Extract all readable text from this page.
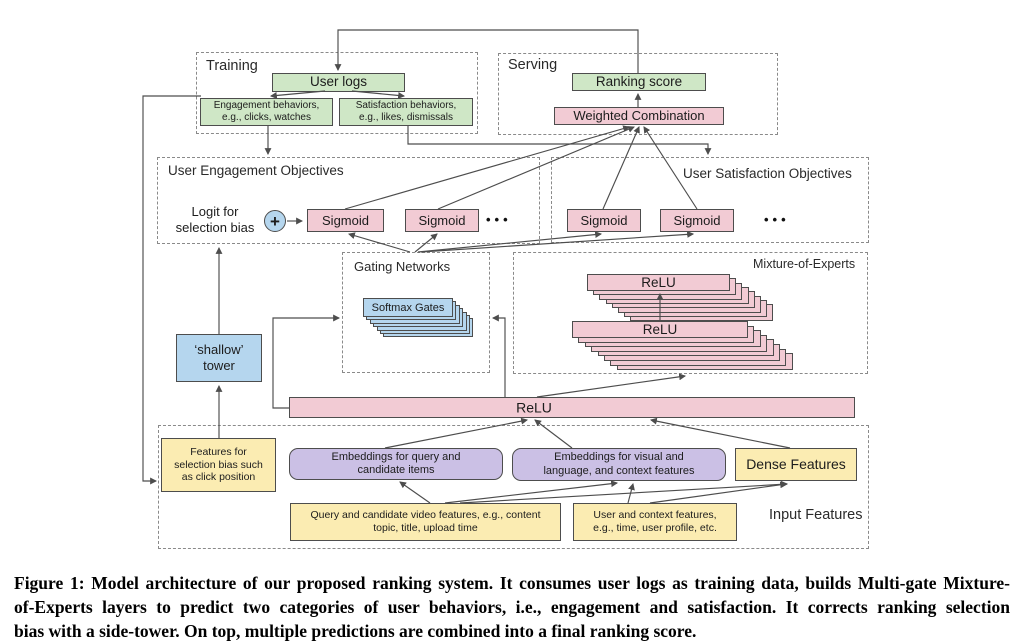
Training	Serving
User Engagement Objectives	User Satisfaction Objectives
Gating Networks	Mixture-of-Experts
Input Features
User logs
Engagement behaviors,
e.g., clicks, watches
Satisfaction behaviors,
e.g., likes, dismissals
Ranking score
Weighted Combination
Logit for
selection bias +	Sigmoid	Sigmoid	•••	Sigmoid	Sigmoid	•••
Softmax Gates
ReLU
ReLU
‘shallow’
tower
ReLU
Features for
selection bias such
as click position
Embeddings for query and
candidate items
Embeddings for visual and
language, and context features	Dense Features
Query and candidate video features, e.g., content
topic, title, upload time
User and context features,
e.g., time, user profile, etc.
Figure 1: Model architecture of our proposed ranking system. It consumes user logs as training data, builds Multi-gate Mixture-
of-Experts layers to predict two categories of user behaviors, i.e., engagement and satisfaction. It corrects ranking selection
bias with a side-tower. On top, multiple predictions are combined into a final ranking score.
